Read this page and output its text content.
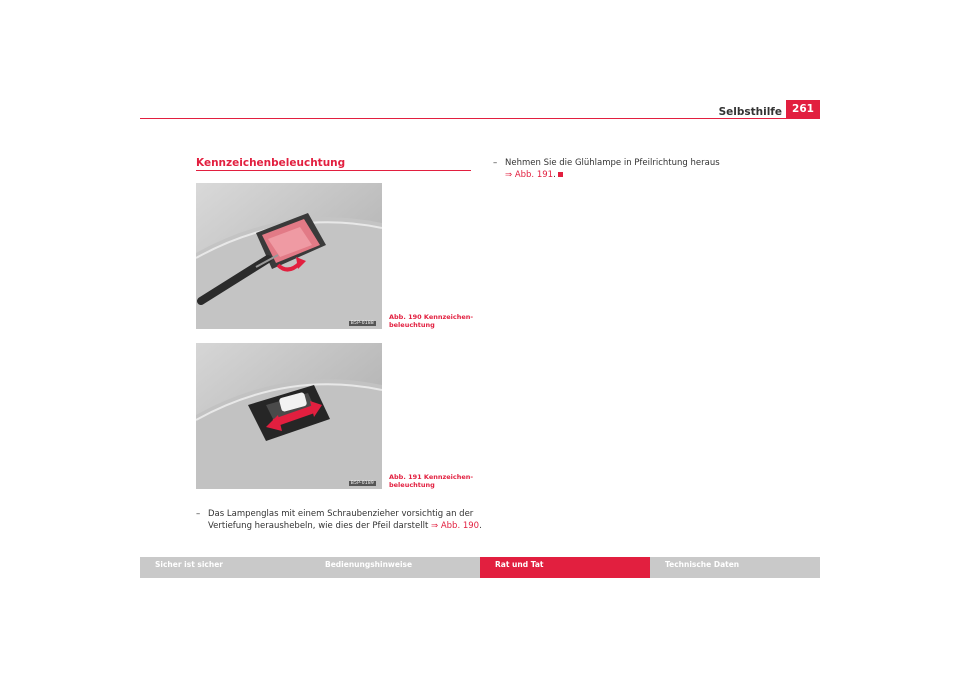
Selbsthilfe 261
Kennzeichenbeleuchtung
B5P-0188
Abb. 190 Kennzeichen-
beleuchtung
B5P-0189
Abb. 191 Kennzeichen-
beleuchtung
– Das Lampenglas mit einem Schraubenzieher vorsichtig an der
Vertiefung heraushebeln, wie dies der Pfeil darstellt ⇒ Abb. 190.
– Nehmen Sie die Glühlampe in Pfeilrichtung heraus
⇒ Abb. 191.
Sicher ist sicher	Bedienungshinweise	Rat und Tat	Technische Daten
